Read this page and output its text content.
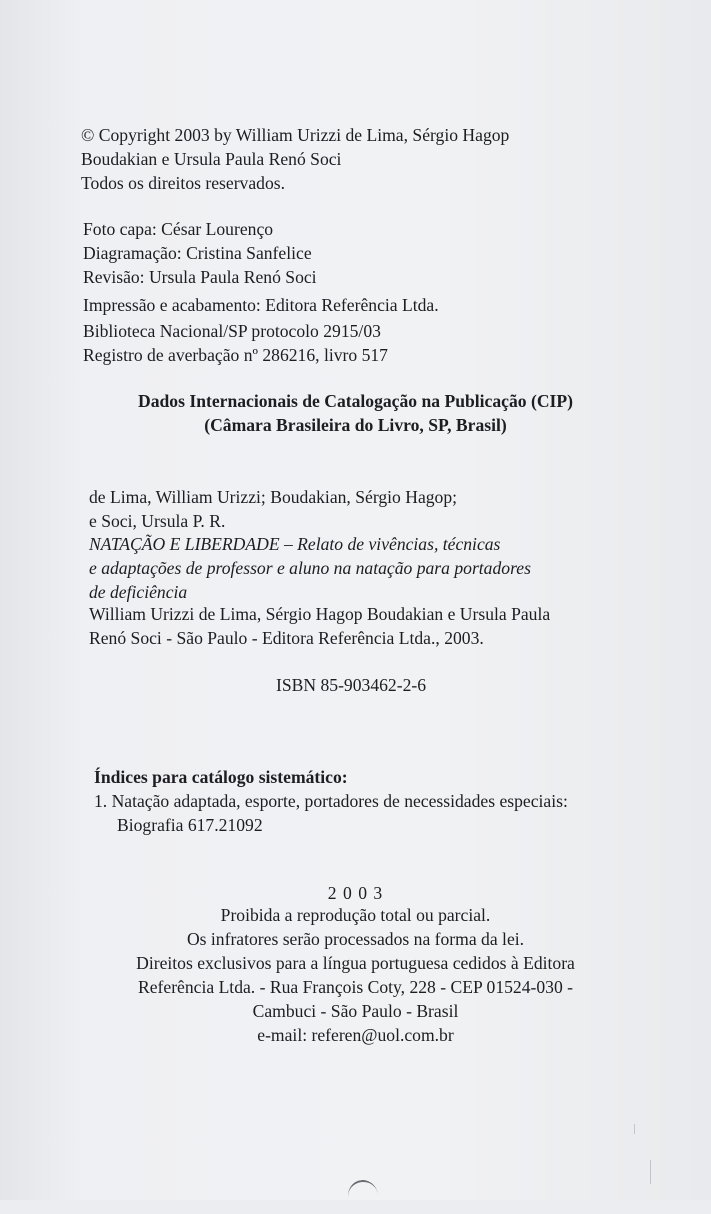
© Copyright 2003 by William Urizzi de Lima, Sérgio Hagop
Boudakian e Ursula Paula Renó Soci
Todos os direitos reservados.
Foto capa: César Lourenço
Diagramação: Cristina Sanfelice
Revisão: Ursula Paula Renó Soci
Impressão e acabamento: Editora Referência Ltda.
Biblioteca Nacional/SP protocolo 2915/03
Registro de averbação nº 286216, livro 517
Dados Internacionais de Catalogação na Publicação (CIP)
(Câmara Brasileira do Livro, SP, Brasil)
de Lima, William Urizzi; Boudakian, Sérgio Hagop;
e Soci, Ursula P. R.
NATAÇÃO E LIBERDADE – Relato de vivências, técnicas
e adaptações de professor e aluno na natação para portadores
de deficiência
William Urizzi de Lima, Sérgio Hagop Boudakian e Ursula Paula
Renó Soci - São Paulo - Editora Referência Ltda., 2003.
ISBN 85-903462-2-6
Índices para catálogo sistemático:
1. Natação adaptada, esporte, portadores de necessidades especiais:
Biografia 617.21092
2 0 0 3
Proibida a reprodução total ou parcial.
Os infratores serão processados na forma da lei.
Direitos exclusivos para a língua portuguesa cedidos à Editora
Referência Ltda. - Rua François Coty, 228 - CEP 01524-030 -
Cambuci - São Paulo - Brasil
e-mail: referen@uol.com.br
